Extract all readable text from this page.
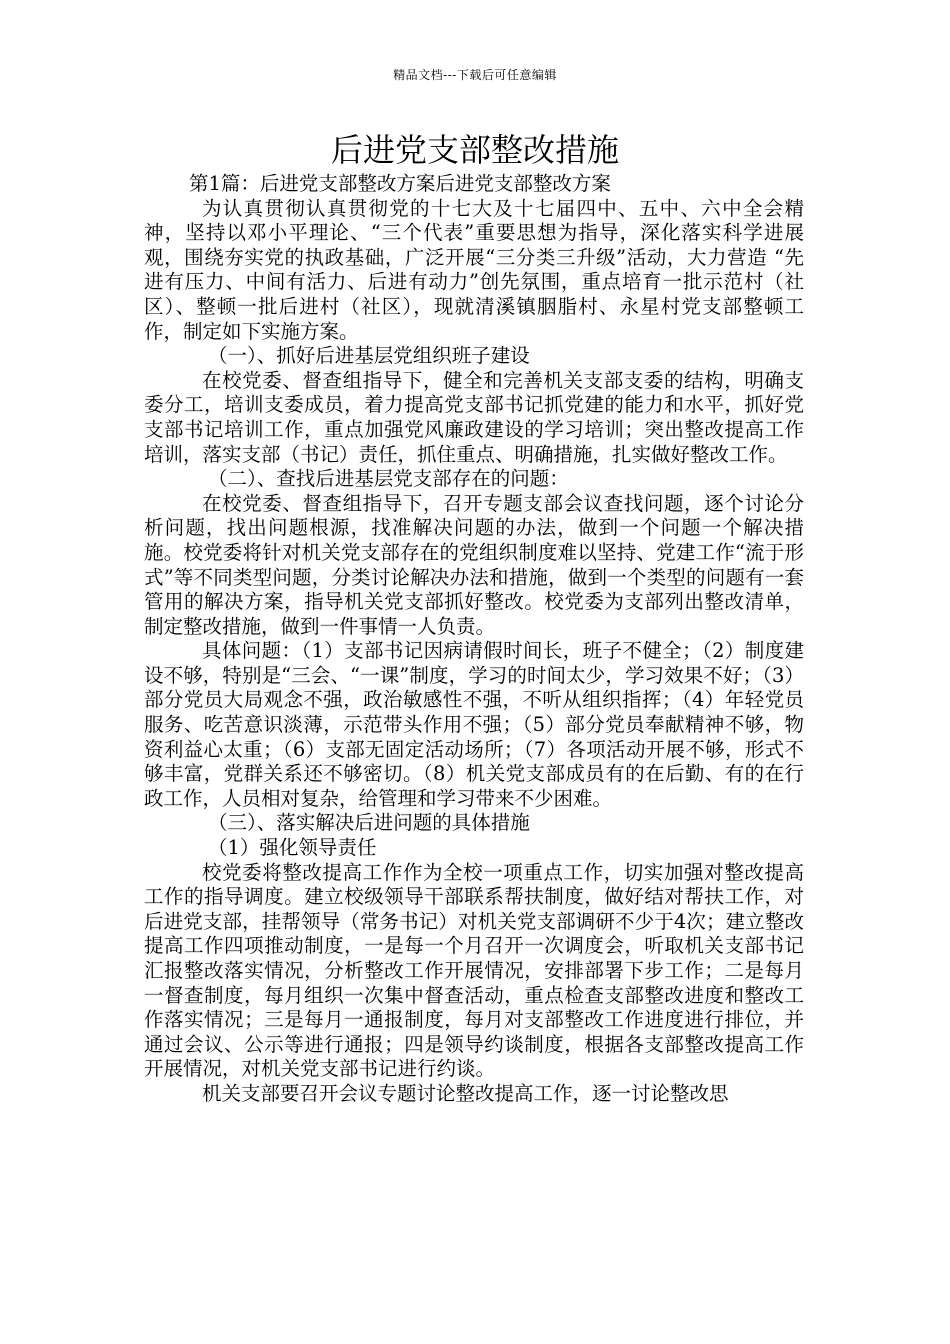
精品文档---下载后可任意编辑
后进党支部整改措施

第1篇：后进党支部整改方案后进党支部整改方案

为认真贯彻认真贯彻党的十七大及十七届四中、五中、六中全会精神，坚持以邓小平理论、“三个代表”重要思想为指导，深化落实科学进展观，围绕夯实党的执政基础，广泛开展“三分类三升级”活动，大力营造 “先进有压力、中间有活力、后进有动力”创先氛围，重点培育一批示范村（社区）、整顿一批后进村（社区），现就清溪镇胭脂村、永星村党支部整顿工作，制定如下实施方案。

（一）、抓好后进基层党组织班子建设

在校党委、督查组指导下，健全和完善机关支部支委的结构，明确支委分工，培训支委成员，着力提高党支部书记抓党建的能力和水平，抓好党支部书记培训工作，重点加强党风廉政建设的学习培训；突出整改提高工作培训，落实支部（书记）责任，抓住重点、明确措施，扎实做好整改工作。

（二）、查找后进基层党支部存在的问题：

在校党委、督查组指导下，召开专题支部会议查找问题，逐个讨论分析问题，找出问题根源，找准解决问题的办法，做到一个问题一个解决措施。校党委将针对机关党支部存在的党组织制度难以坚持、党建工作“流于形式”等不同类型问题，分类讨论解决办法和措施，做到一个类型的问题有一套管用的解决方案，指导机关党支部抓好整改。校党委为支部列出整改清单，制定整改措施，做到一件事情一人负责。

具体问题：（1）支部书记因病请假时间长，班子不健全；（2）制度建设不够，特别是“三会、“一课”制度，学习的时间太少，学习效果不好；（3）部分党员大局观念不强，政治敏感性不强，不听从组织指挥；（4）年轻党员服务、吃苦意识淡薄，示范带头作用不强；（5）部分党员奉献精神不够，物资利益心太重；（6）支部无固定活动场所；（7）各项活动开展不够，形式不够丰富，党群关系还不够密切。（8）机关党支部成员有的在后勤、有的在行政工作，人员相对复杂，给管理和学习带来不少困难。

（三）、落实解决后进问题的具体措施

（1）强化领导责任

校党委将整改提高工作作为全校一项重点工作，切实加强对整改提高工作的指导调度。建立校级领导干部联系帮扶制度，做好结对帮扶工作，对后进党支部，挂帮领导（常务书记）对机关党支部调研不少于4次；建立整改提高工作四项推动制度，一是每一个月召开一次调度会，听取机关支部书记汇报整改落实情况，分析整改工作开展情况，安排部署下步工作；二是每月一督查制度，每月组织一次集中督查活动，重点检查支部整改进度和整改工作落实情况；三是每月一通报制度，每月对支部整改工作进度进行排位，并通过会议、公示等进行通报；四是领导约谈制度，根据各支部整改提高工作开展情况，对机关党支部书记进行约谈。

机关支部要召开会议专题讨论整改提高工作，逐一讨论整改思
